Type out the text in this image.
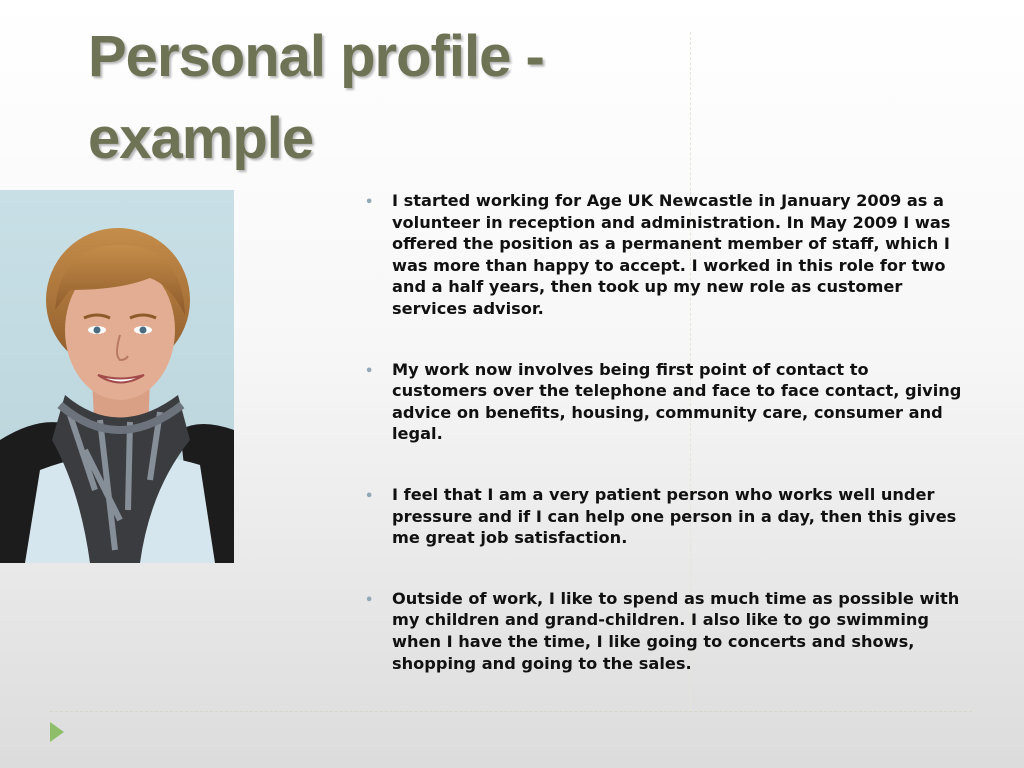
Personal profile - example
• I started working for Age UK Newcastle in January 2009 as a volunteer in reception and administration. In May 2009 I was offered the position as a permanent member of staff, which I was more than happy to accept. I worked in this role for two and a half years, then took up my new role as customer services advisor.
• My work now involves being first point of contact to customers over the telephone and face to face contact, giving advice on benefits, housing, community care, consumer and legal.
• I feel that I am a very patient person who works well under pressure and if I can help one person in a day, then this gives me great job satisfaction.
• Outside of work, I like to spend as much time as possible with my children and grand-children. I also like to go swimming when I have the time, I like going to concerts and shows, shopping and going to the sales.
